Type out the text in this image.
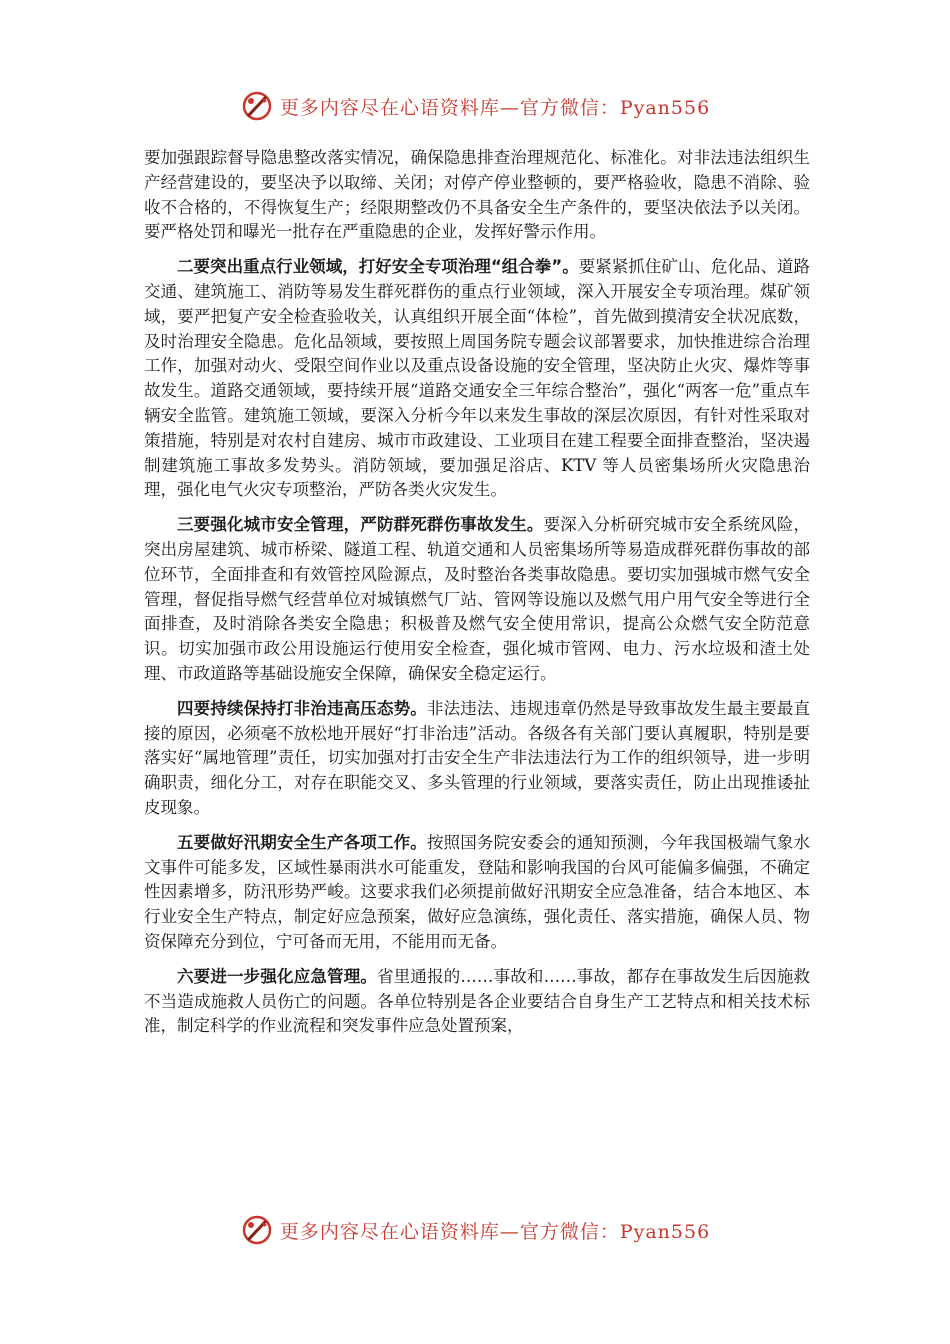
更多内容尽在心语资料库—官方微信：Pyan556

要加强跟踪督导隐患整改落实情况，确保隐患排查治理规范化、标准化。对非法违法组织生产经营建设的，要坚决予以取缔、关闭；对停产停业整顿的，要严格验收，隐患不消除、验收不合格的，不得恢复生产；经限期整改仍不具备安全生产条件的，要坚决依法予以关闭。要严格处罚和曝光一批存在严重隐患的企业，发挥好警示作用。

二要突出重点行业领域，打好安全专项治理“组合拳”。要紧紧抓住矿山、危化品、道路交通、建筑施工、消防等易发生群死群伤的重点行业领域，深入开展安全专项治理。煤矿领域，要严把复产安全检查验收关，认真组织开展全面“体检”，首先做到摸清安全状况底数，及时治理安全隐患。危化品领域，要按照上周国务院专题会议部署要求，加快推进综合治理工作，加强对动火、受限空间作业以及重点设备设施的安全管理，坚决防止火灾、爆炸等事故发生。道路交通领域，要持续开展“道路交通安全三年综合整治”，强化“两客一危”重点车辆安全监管。建筑施工领域，要深入分析今年以来发生事故的深层次原因，有针对性采取对策措施，特别是对农村自建房、城市市政建设、工业项目在建工程要全面排查整治，坚决遏制建筑施工事故多发势头。消防领域，要加强足浴店、KTV 等人员密集场所火灾隐患治理，强化电气火灾专项整治，严防各类火灾发生。

三要强化城市安全管理，严防群死群伤事故发生。要深入分析研究城市安全系统风险，突出房屋建筑、城市桥梁、隧道工程、轨道交通和人员密集场所等易造成群死群伤事故的部位环节，全面排查和有效管控风险源点，及时整治各类事故隐患。要切实加强城市燃气安全管理，督促指导燃气经营单位对城镇燃气厂站、管网等设施以及燃气用户用气安全等进行全面排查，及时消除各类安全隐患；积极普及燃气安全使用常识，提高公众燃气安全防范意识。切实加强市政公用设施运行使用安全检查，强化城市管网、电力、污水垃圾和渣土处理、市政道路等基础设施安全保障，确保安全稳定运行。

四要持续保持打非治违高压态势。非法违法、违规违章仍然是导致事故发生最主要最直接的原因，必须毫不放松地开展好“打非治违”活动。各级各有关部门要认真履职，特别是要落实好“属地管理”责任，切实加强对打击安全生产非法违法行为工作的组织领导，进一步明确职责，细化分工，对存在职能交叉、多头管理的行业领域，要落实责任，防止出现推诿扯皮现象。

五要做好汛期安全生产各项工作。按照国务院安委会的通知预测，今年我国极端气象水文事件可能多发，区域性暴雨洪水可能重发，登陆和影响我国的台风可能偏多偏强，不确定性因素增多，防汛形势严峻。这要求我们必须提前做好汛期安全应急准备，结合本地区、本行业安全生产特点，制定好应急预案，做好应急演练，强化责任、落实措施，确保人员、物资保障充分到位，宁可备而无用，不能用而无备。

六要进一步强化应急管理。省里通报的……事故和……事故，都存在事故发生后因施救不当造成施救人员伤亡的问题。各单位特别是各企业要结合自身生产工艺特点和相关技术标准，制定科学的作业流程和突发事件应急处置预案，

更多内容尽在心语资料库—官方微信：Pyan556
